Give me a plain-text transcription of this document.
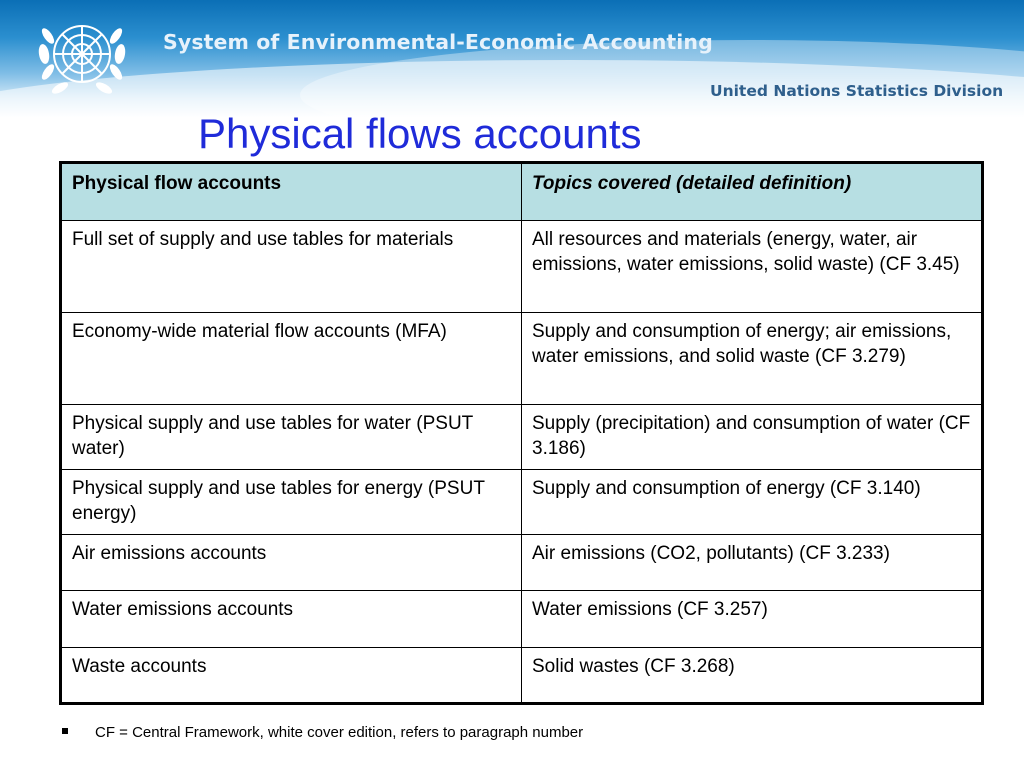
System of Environmental-Economic Accounting
United Nations Statistics Division
Physical flows accounts
Physical flow accounts	Topics covered (detailed definition)
Full set of supply and use tables for materials	All resources and materials (energy, water, air emissions, water emissions, solid waste) (CF 3.45)
Economy-wide material flow accounts (MFA)	Supply and consumption of energy; air emissions, water emissions, and solid waste (CF 3.279)
Physical supply and use tables for water (PSUT water)	Supply (precipitation) and consumption of water (CF 3.186)
Physical supply and use tables for energy (PSUT energy)	Supply and consumption of energy (CF 3.140)
Air emissions accounts	Air emissions (CO2, pollutants) (CF 3.233)
Water emissions accounts	Water emissions (CF 3.257)
Waste accounts	Solid wastes (CF 3.268)
CF = Central Framework, white cover edition, refers to paragraph number
